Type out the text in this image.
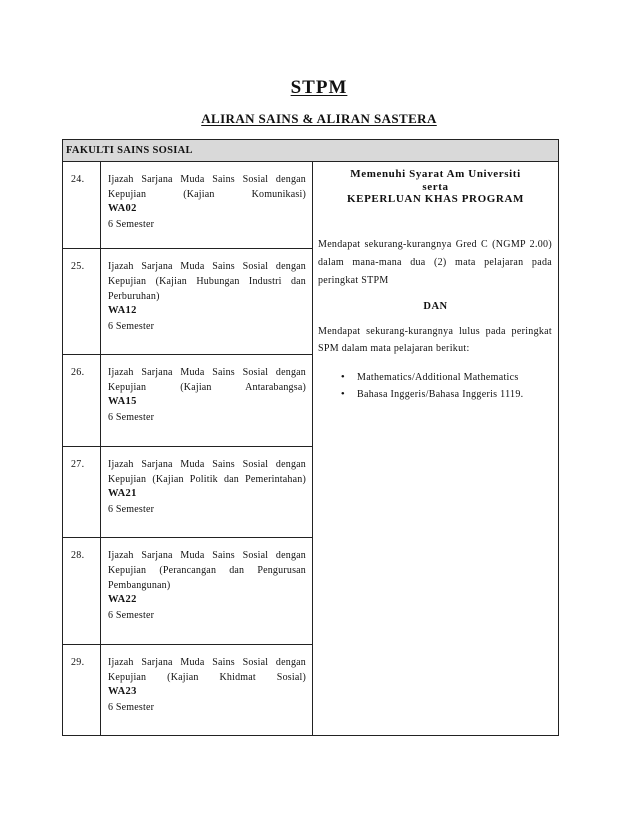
STPM
ALIRAN SAINS & ALIRAN SASTERA
FAKULTI SAINS SOSIAL
24.	Ijazah Sarjana Muda Sains Sosial dengan
Kepujian (Kajian Komunikasi)
WA02
6 Semester
25.	Ijazah Sarjana Muda Sains Sosial dengan
Kepujian (Kajian Hubungan Industri dan
Perburuhan)
WA12
6 Semester
26.	Ijazah Sarjana Muda Sains Sosial dengan
Kepujian (Kajian Antarabangsa)
WA15
6 Semester
27.	Ijazah Sarjana Muda Sains Sosial dengan
Kepujian (Kajian Politik dan Pemerintahan)
WA21
6 Semester
28.	Ijazah Sarjana Muda Sains Sosial dengan
Kepujian (Perancangan dan Pengurusan
Pembangunan)
WA22
6 Semester
29.	Ijazah Sarjana Muda Sains Sosial dengan
Kepujian (Kajian Khidmat Sosial)
WA23
6 Semester
Memenuhi Syarat Am Universiti
serta
KEPERLUAN KHAS PROGRAM
Mendapat sekurang-kurangnya Gred C (NGMP 2.00)
dalam mana-mana dua (2) mata pelajaran pada
peringkat STPM
DAN
Mendapat sekurang-kurangnya lulus pada peringkat
SPM dalam mata pelajaran berikut:
•
Mathematics/Additional Mathematics
•
Bahasa Inggeris/Bahasa Inggeris 1119.
